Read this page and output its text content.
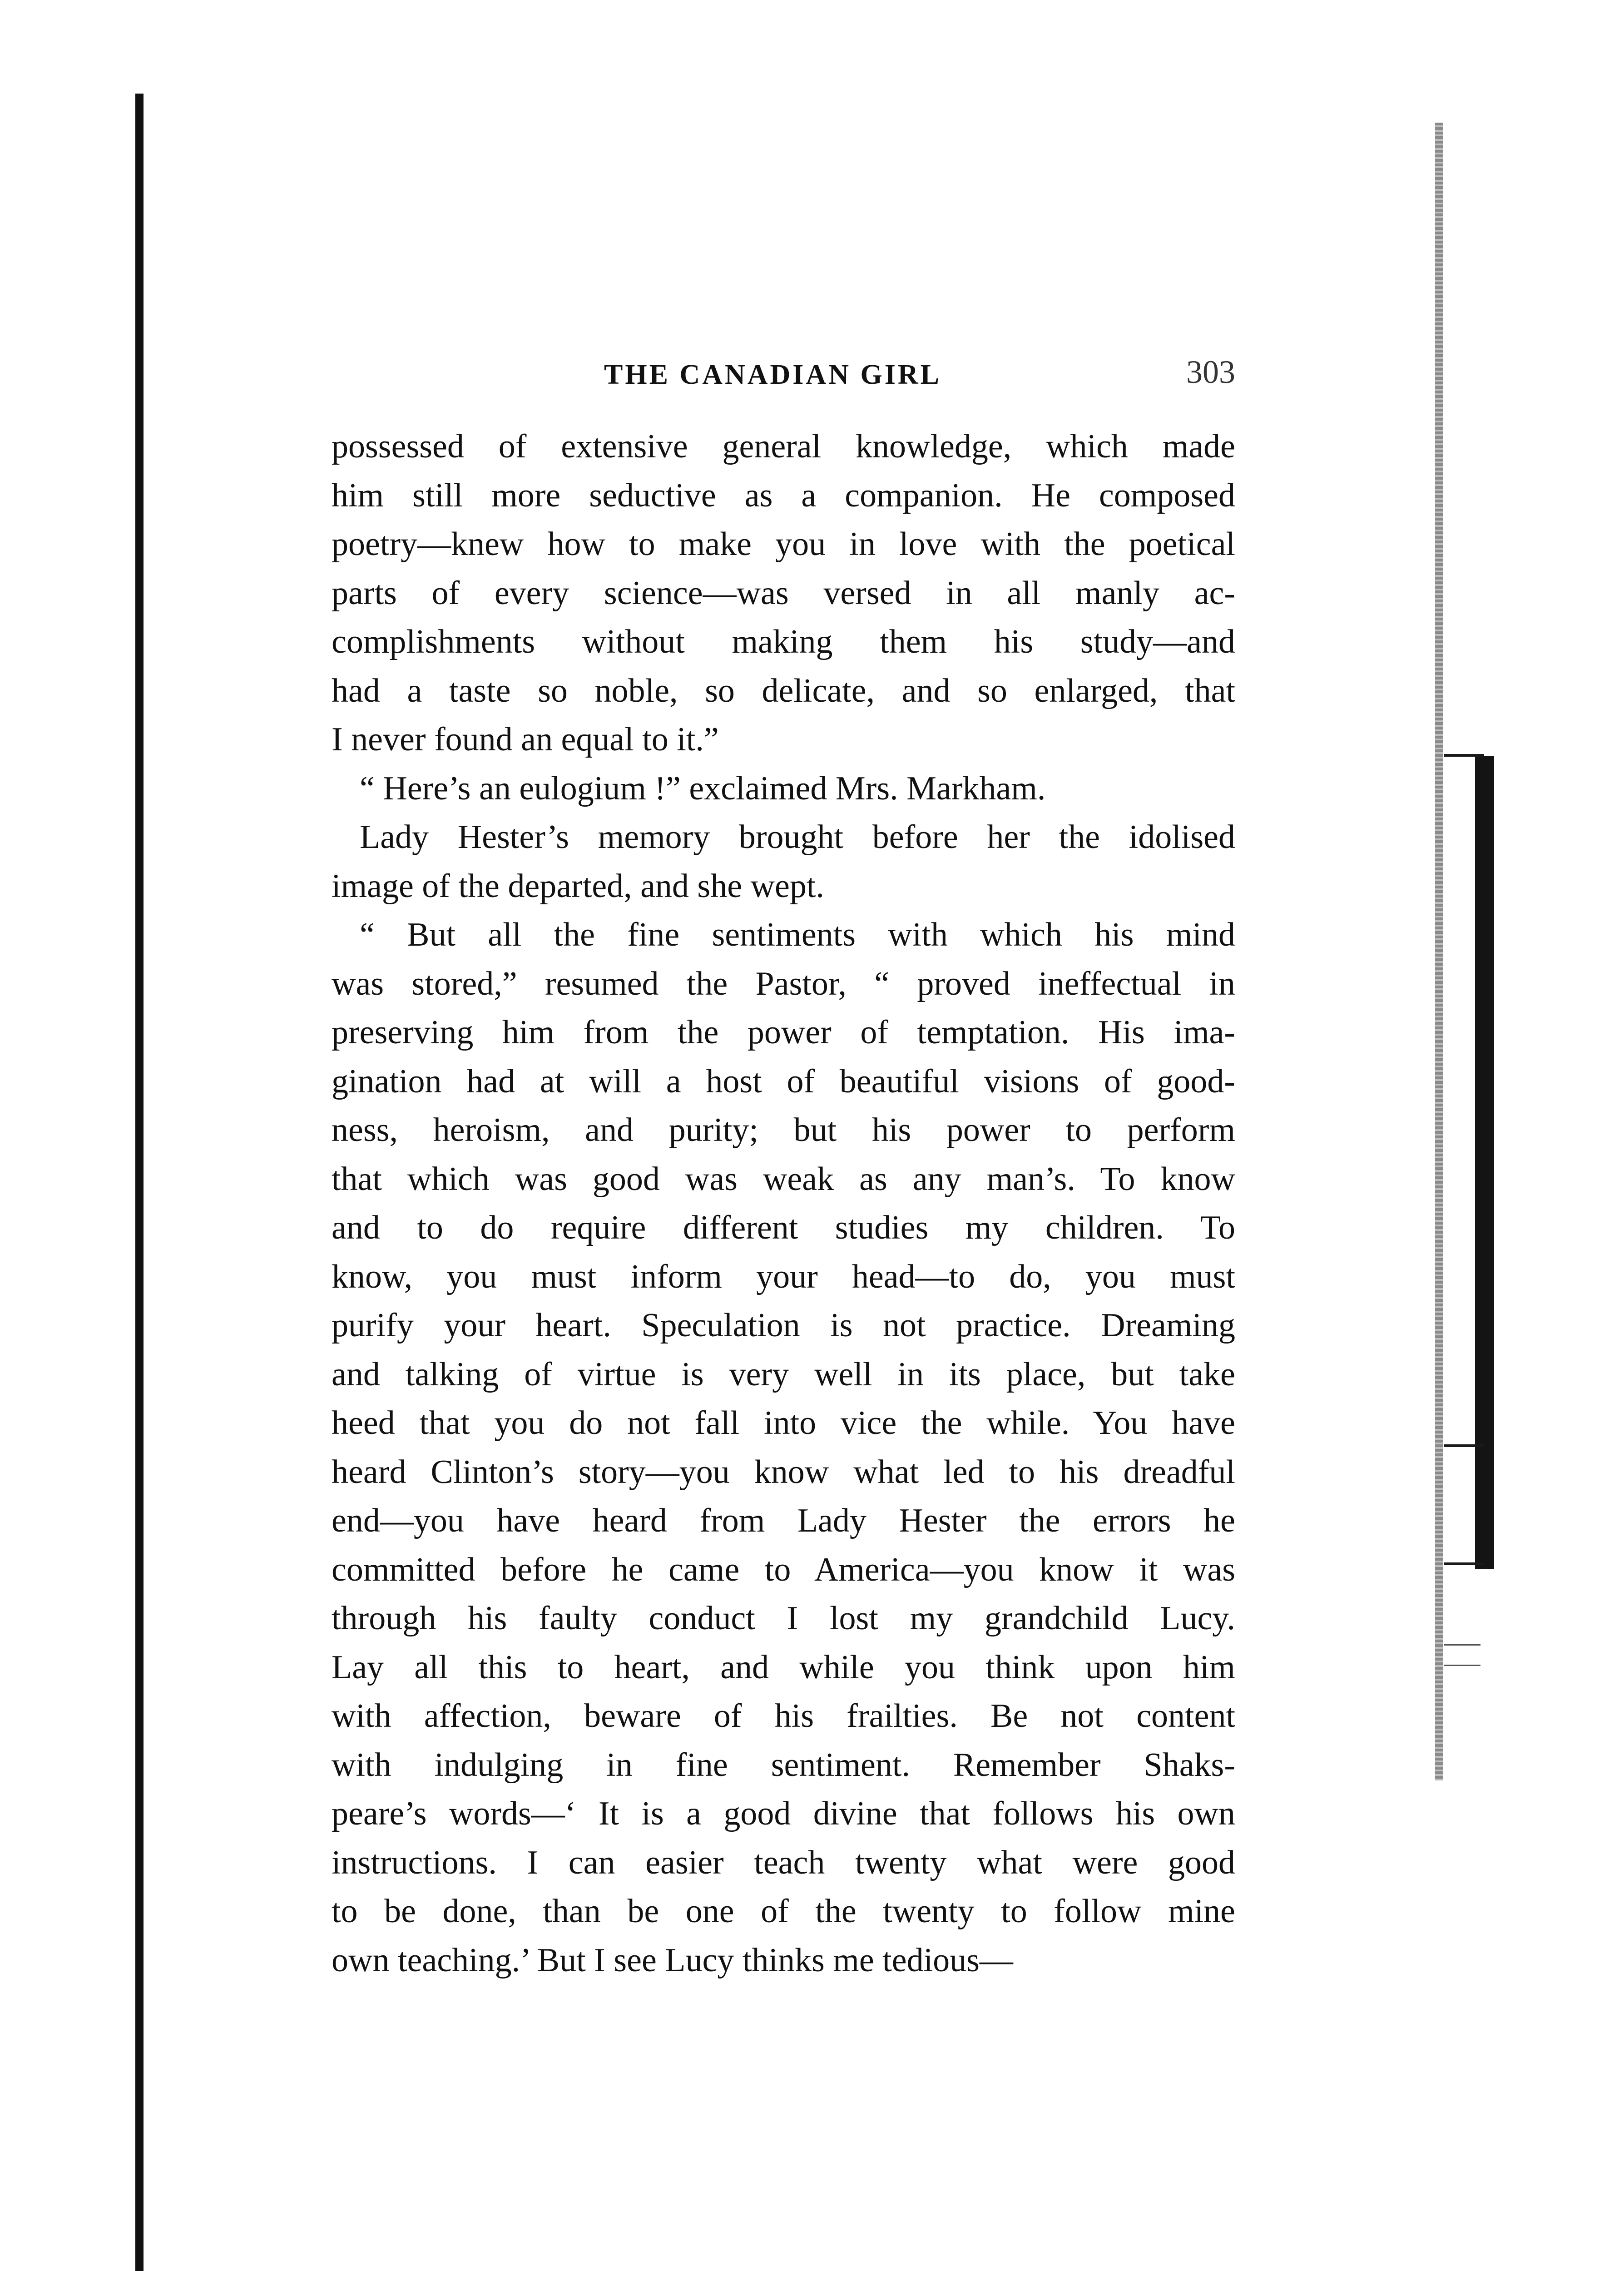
THE CANADIAN GIRL	303
possessed of extensive general knowledge, which made
him still more seductive as a companion. He composed
poetry—knew how to make you in love with the poetical
parts of every science—was versed in all manly ac-
complishments without making them his study—and
had a taste so noble, so delicate, and so enlarged, that
I never found an equal to it.”
“ Here’s an eulogium !” exclaimed Mrs. Markham.
Lady Hester’s memory brought before her the idolised
image of the departed, and she wept.
“ But all the fine sentiments with which his mind
was stored,” resumed the Pastor, “ proved ineffectual in
preserving him from the power of temptation. His ima-
gination had at will a host of beautiful visions of good-
ness, heroism, and purity; but his power to perform
that which was good was weak as any man’s. To know
and to do require different studies my children. To
know, you must inform your head—to do, you must
purify your heart. Speculation is not practice. Dreaming
and talking of virtue is very well in its place, but take
heed that you do not fall into vice the while. You have
heard Clinton’s story—you know what led to his dreadful
end—you have heard from Lady Hester the errors he
committed before he came to America—you know it was
through his faulty conduct I lost my grandchild Lucy.
Lay all this to heart, and while you think upon him
with affection, beware of his frailties. Be not content
with indulging in fine sentiment. Remember Shaks-
peare’s words—‘ It is a good divine that follows his own
instructions. I can easier teach twenty what were good
to be done, than be one of the twenty to follow mine
own teaching.’ But I see Lucy thinks me tedious—
